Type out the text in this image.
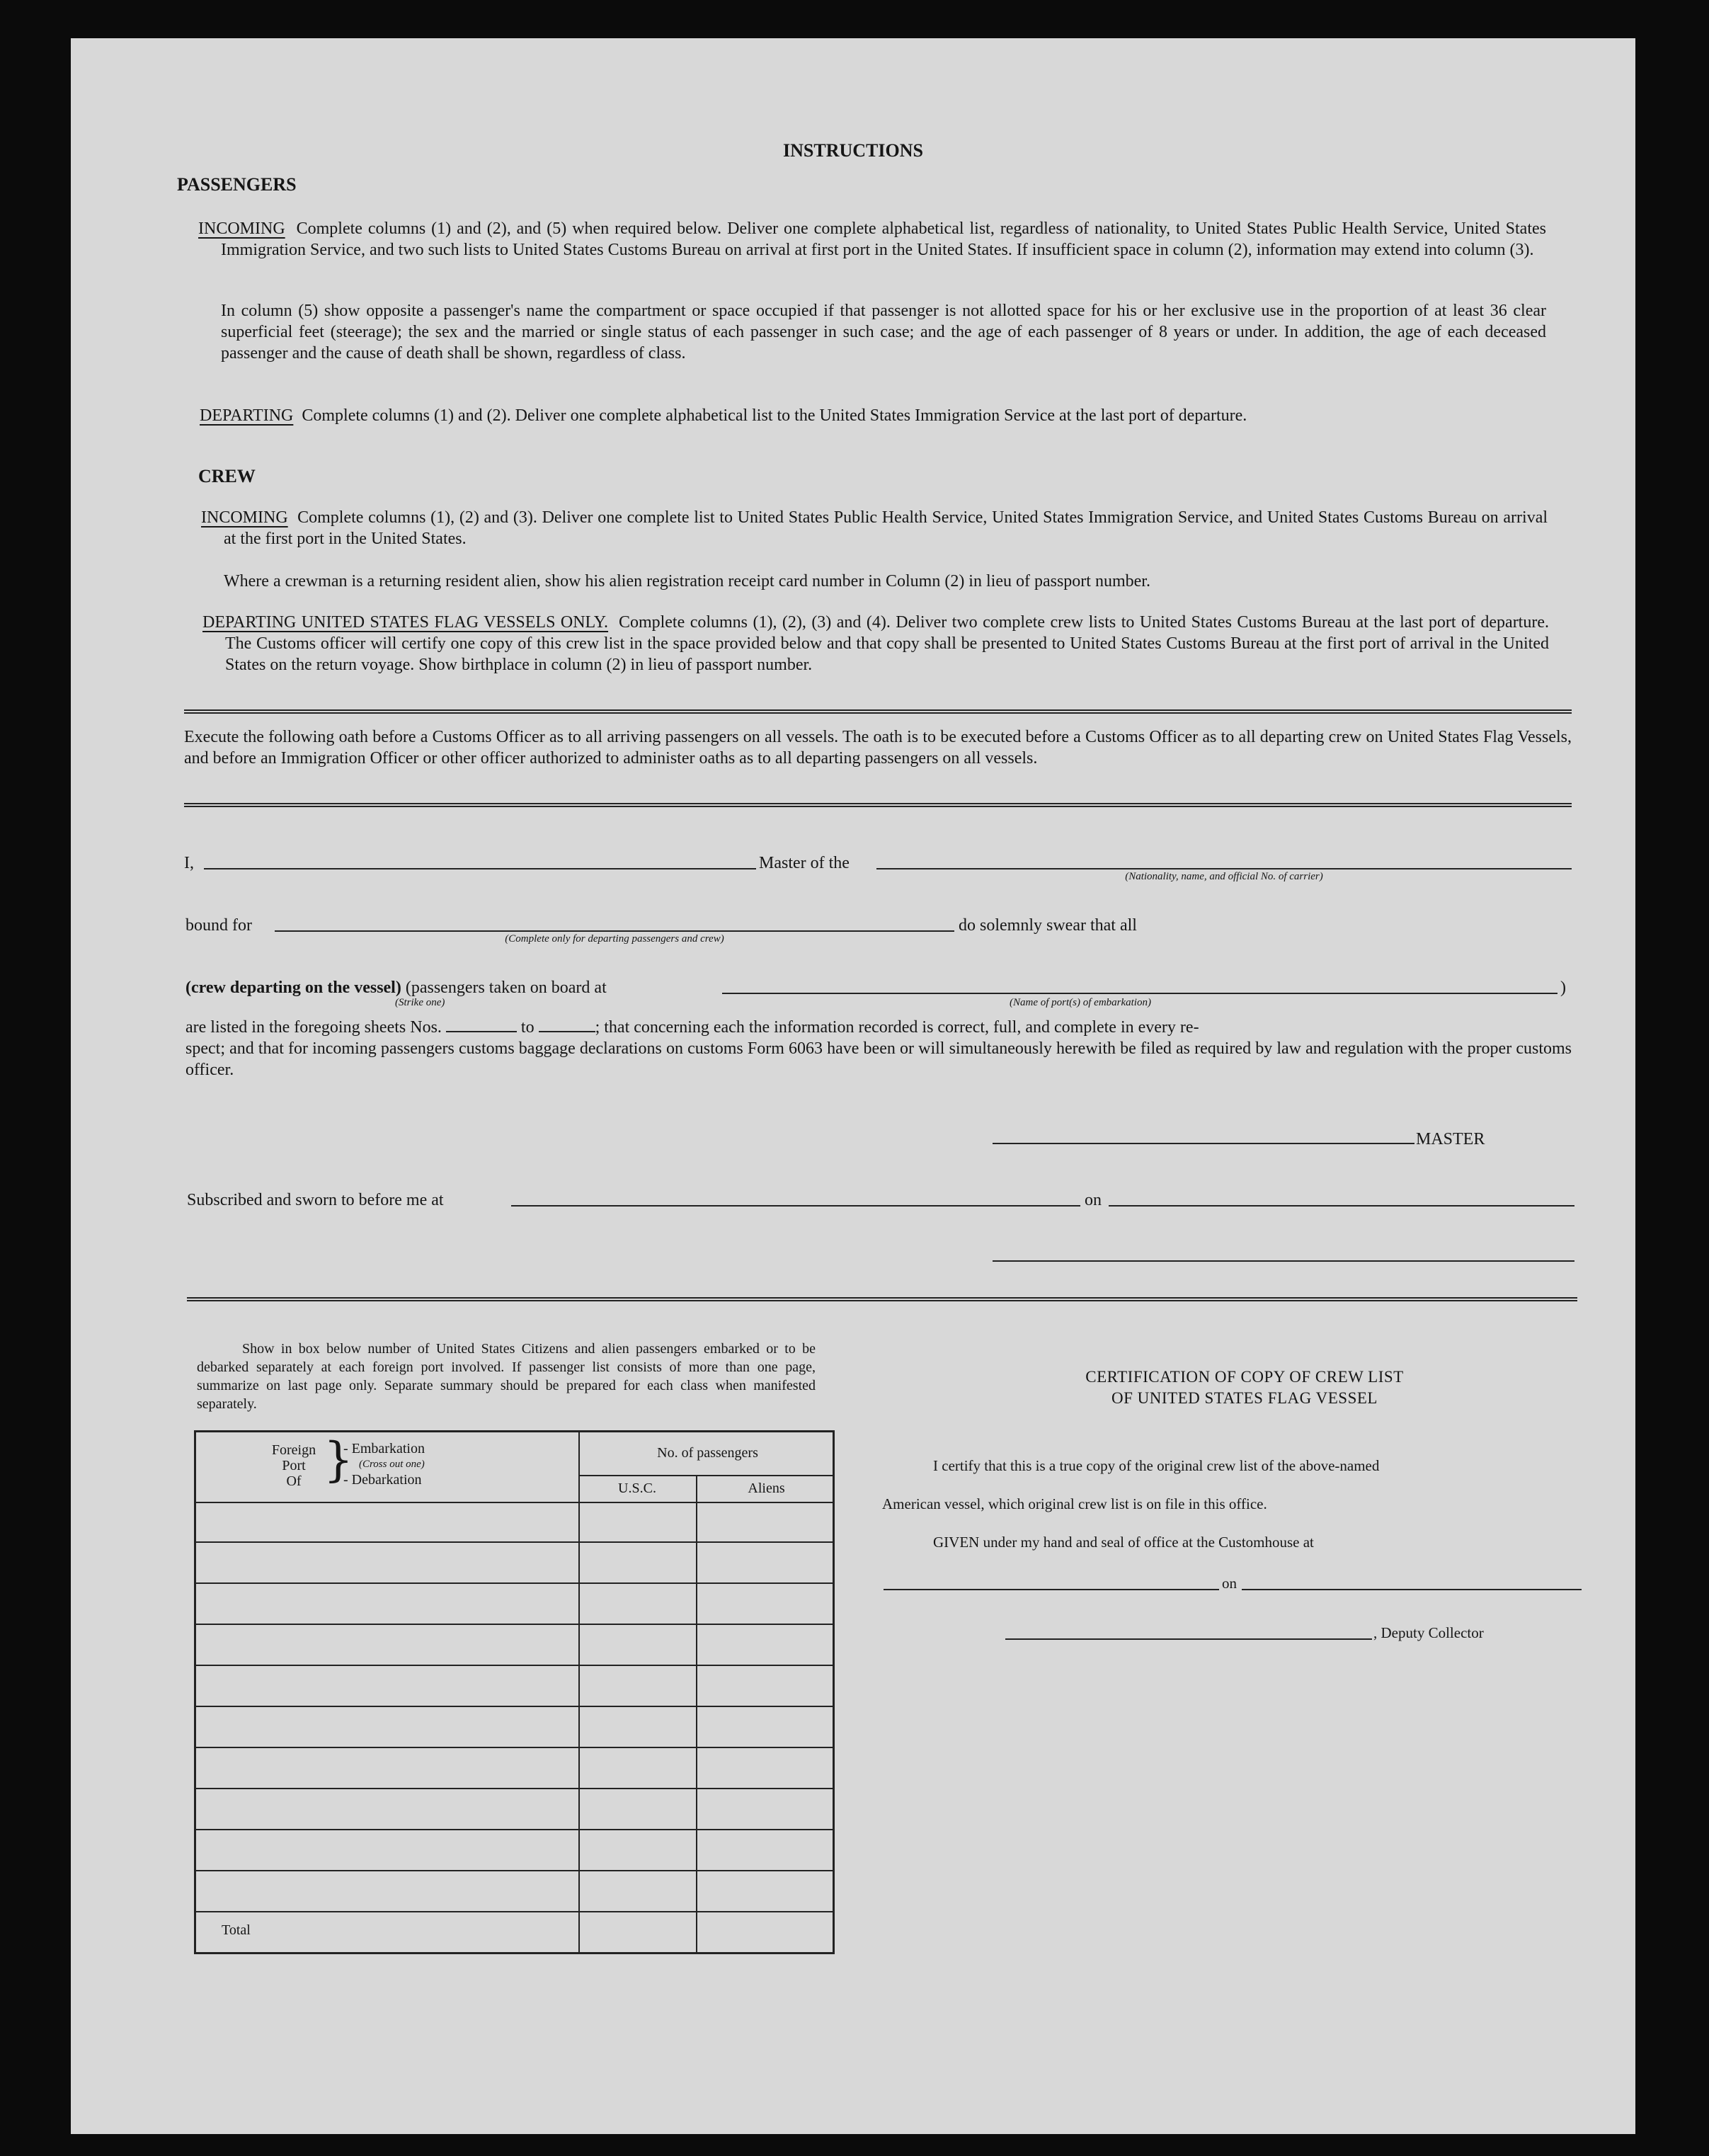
INSTRUCTIONS
PASSENGERS
INCOMING Complete columns (1) and (2), and (5) when required below. Deliver one complete alphabetical list, regardless of nationality, to United States Public Health Service, United States Immigration Service, and two such lists to United States Customs Bureau on arrival at first port in the United States. If insufficient space in column (2), information may extend into column (3).
In column (5) show opposite a passenger's name the compartment or space occupied if that passenger is not allotted space for his or her exclusive use in the proportion of at least 36 clear superficial feet (steerage); the sex and the married or single status of each passenger in such case; and the age of each passenger of 8 years or under. In addition, the age of each deceased passenger and the cause of death shall be shown, regardless of class.
DEPARTING Complete columns (1) and (2). Deliver one complete alphabetical list to the United States Immigration Service at the last port of departure.
CREW
INCOMING Complete columns (1), (2) and (3). Deliver one complete list to United States Public Health Service, United States Immigration Service, and United States Customs Bureau on arrival at the first port in the United States.
Where a crewman is a returning resident alien, show his alien registration receipt card number in Column (2) in lieu of passport number.
DEPARTING UNITED STATES FLAG VESSELS ONLY. Complete columns (1), (2), (3) and (4). Deliver two complete crew lists to United States Customs Bureau at the last port of departure. The Customs officer will certify one copy of this crew list in the space provided below and that copy shall be presented to United States Customs Bureau at the first port of arrival in the United States on the return voyage. Show birthplace in column (2) in lieu of passport number.
Execute the following oath before a Customs Officer as to all arriving passengers on all vessels. The oath is to be executed before a Customs Officer as to all departing crew on United States Flag Vessels, and before an Immigration Officer or other officer authorized to administer oaths as to all departing passengers on all vessels.
I,	Master of the
(Nationality, name, and official No. of carrier)
bound for
(Complete only for departing passengers and crew)
do solemnly swear that all
(crew departing on the vessel) (passengers taken on board at	)
(Strike one)	(Name of port(s) of embarkation)
are listed in the foregoing sheets Nos.	to	; that concerning each the information recorded is correct, full, and complete in every re-
spect; and that for incoming passengers customs baggage declarations on customs Form 6063 have been or will simultaneously herewith be filed as required by law and regulation with the proper customs officer.
MASTER
Subscribed and sworn to before me at	on
Show in box below number of United States Citizens and alien passengers embarked or to be debarked separately at each foreign port involved. If passenger list consists of more than one page, summarize on last page only. Separate summary should be prepared for each class when manifested separately.
Foreign
Port
Of }
- Embarkation
(Cross out one)
- Debarkation
No. of passengers
U.S.C.	Aliens
Total
CERTIFICATION OF COPY OF CREW LIST
OF UNITED STATES FLAG VESSEL
I certify that this is a true copy of the original crew list of the above-named
American vessel, which original crew list is on file in this office.
GIVEN under my hand and seal of office at the Customhouse at
on
, Deputy Collector
